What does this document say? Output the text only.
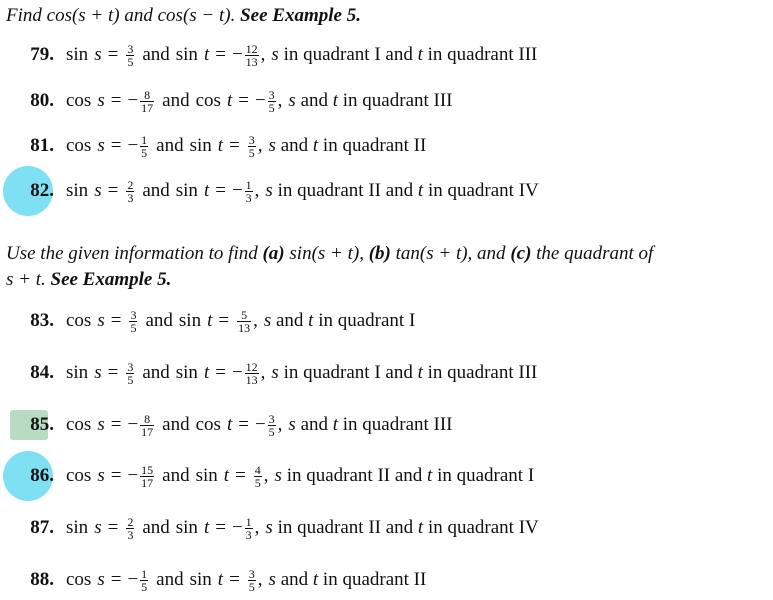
Find cos(s + t) and cos(s − t). See Example 5.
79. $\sin s = \frac{3}{5}$ and sin t = − $\frac{12}{13}$ , s in quadrant I and t in quadrant III
80. cos s = − $\frac{8}{17}$ and cos t = − $\frac{3}{5}$ , s and t in quadrant III
81. cos s = − $\frac{1}{5}$ and $\sin t = \frac{3}{5}$ , s and t in quadrant II
82. $\sin s = \frac{2}{3}$ and sin t = − $\frac{1}{3}$ , s in quadrant II and t in quadrant IV
Use the given information to find (a) sin(s + t), (b) tan(s + t), and (c) the quadrant of
s + t. See Example 5.
83. $\cos s = \frac{3}{5}$ and $\sin t = \frac{5}{13}$ , s and t in quadrant I
84. $\sin s = \frac{3}{5}$ and sin t = − $\frac{12}{13}$ , s in quadrant I and t in quadrant III
85. cos s = − $\frac{8}{17}$ and cos t = − $\frac{3}{5}$ , s and t in quadrant III
86. cos s = − $\frac{15}{17}$ and $\sin t = \frac{4}{5}$ , s in quadrant II and t in quadrant I
87. $\sin s = \frac{2}{3}$ and sin t = − $\frac{1}{3}$ , s in quadrant II and t in quadrant IV
88. cos s = − $\frac{1}{5}$ and $\sin t = \frac{3}{5}$ , s and t in quadrant II
